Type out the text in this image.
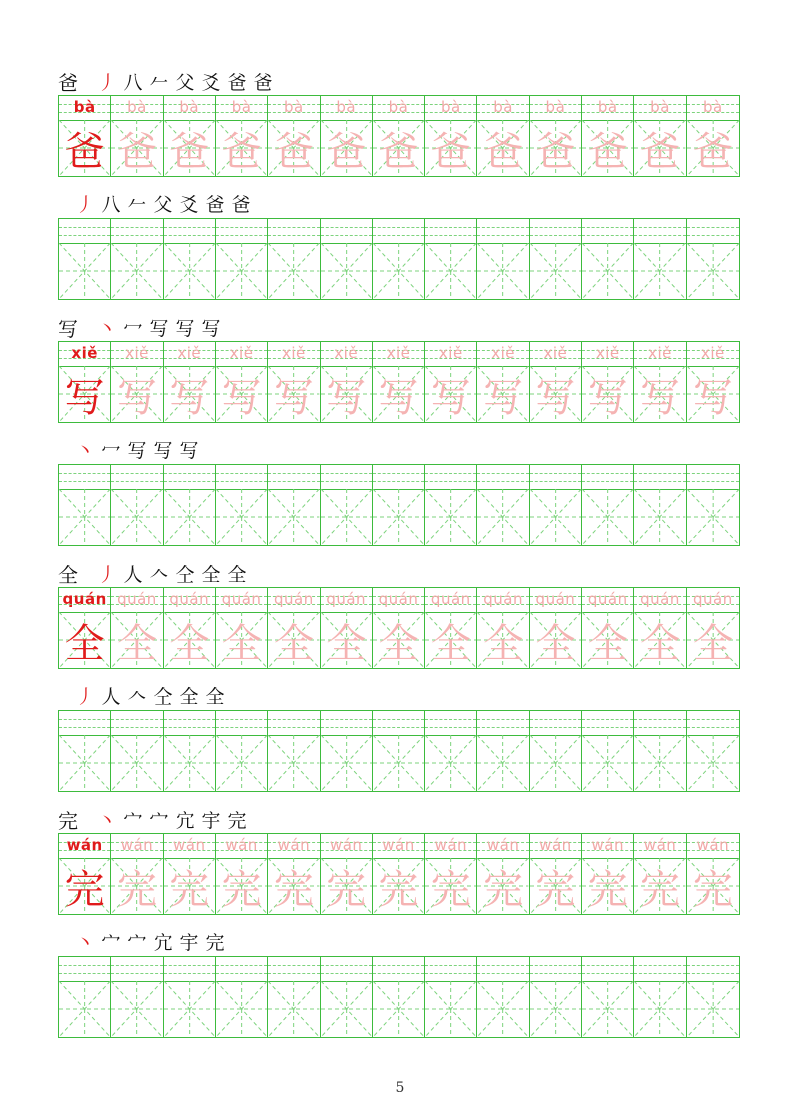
爸	丿 八 𠂉 父 爻 爸 爸
bà
爸
bà
爸
bà
爸
bà
爸
bà
爸
bà
爸
bà
爸
bà
爸
bà
爸
bà
爸
bà
爸
bà
爸
bà
爸
丿 八 𠂉 父 爻 爸 爸
写	丶 冖 写 写 写
xiě
写
xiě
写
xiě
写
xiě
写
xiě
写
xiě
写
xiě
写
xiě
写
xiě
写
xiě
写
xiě
写
xiě
写
xiě
写
丶 冖 写 写 写
全	丿 人 𠆢 仝 全 全
quán
全
quán
全
quán
全
quán
全
quán
全
quán
全
quán
全
quán
全
quán
全
quán
全
quán
全
quán
全
quán
全
丿 人 𠆢 仝 全 全
完	丶 宀 宀 宂 宇 完
wán
完
wán
完
wán
完
wán
完
wán
完
wán
完
wán
完
wán
完
wán
完
wán
完
wán
完
wán
完
wán
完
丶 宀 宀 宂 宇 完
5
